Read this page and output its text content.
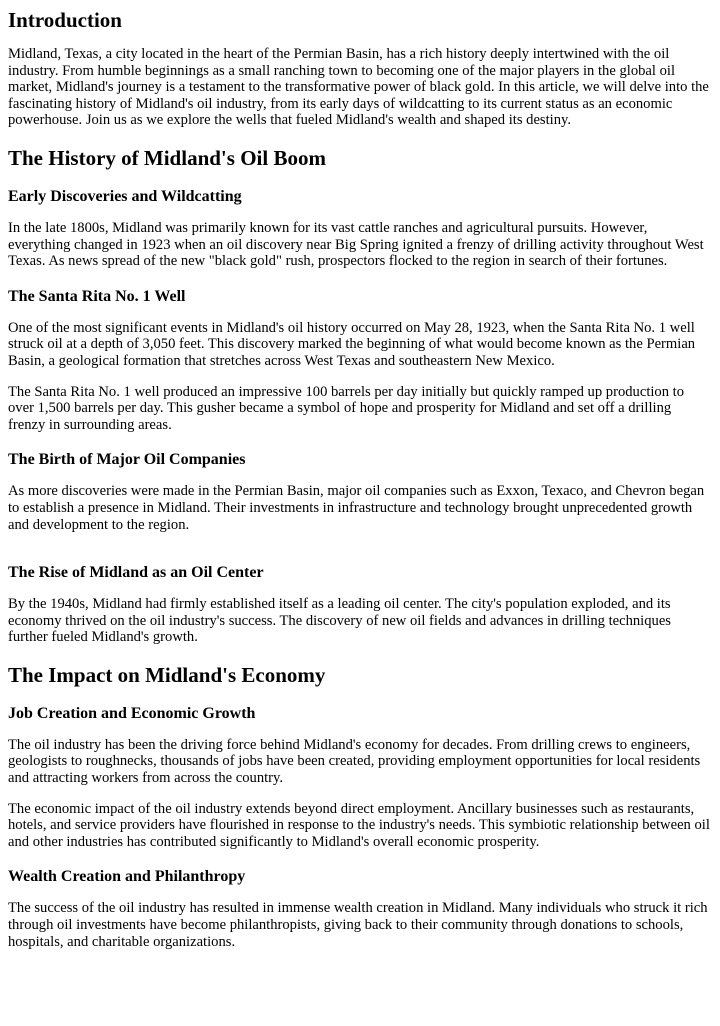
Introduction

Midland, Texas, a city located in the heart of the Permian Basin, has a rich history deeply intertwined with the oil industry. From humble beginnings as a small ranching town to becoming one of the major players in the global oil market, Midland's journey is a testament to the transformative power of black gold. In this article, we will delve into the fascinating history of Midland's oil industry, from its early days of wildcatting to its current status as an economic powerhouse. Join us as we explore the wells that fueled Midland's wealth and shaped its destiny.

The History of Midland's Oil Boom
Early Discoveries and Wildcatting

In the late 1800s, Midland was primarily known for its vast cattle ranches and agricultural pursuits. However, everything changed in 1923 when an oil discovery near Big Spring ignited a frenzy of drilling activity throughout West Texas. As news spread of the new "black gold" rush, prospectors flocked to the region in search of their fortunes.

The Santa Rita No. 1 Well

One of the most significant events in Midland's oil history occurred on May 28, 1923, when the Santa Rita No. 1 well struck oil at a depth of 3,050 feet. This discovery marked the beginning of what would become known as the Permian Basin, a geological formation that stretches across West Texas and southeastern New Mexico.

The Santa Rita No. 1 well produced an impressive 100 barrels per day initially but quickly ramped up production to over 1,500 barrels per day. This gusher became a symbol of hope and prosperity for Midland and set off a drilling frenzy in surrounding areas.

The Birth of Major Oil Companies

As more discoveries were made in the Permian Basin, major oil companies such as Exxon, Texaco, and Chevron began to establish a presence in Midland. Their investments in infrastructure and technology brought unprecedented growth and development to the region.

The Rise of Midland as an Oil Center

By the 1940s, Midland had firmly established itself as a leading oil center. The city's population exploded, and its economy thrived on the oil industry's success. The discovery of new oil fields and advances in drilling techniques further fueled Midland's growth.

The Impact on Midland's Economy
Job Creation and Economic Growth

The oil industry has been the driving force behind Midland's economy for decades. From drilling crews to engineers, geologists to roughnecks, thousands of jobs have been created, providing employment opportunities for local residents and attracting workers from across the country.

The economic impact of the oil industry extends beyond direct employment. Ancillary businesses such as restaurants, hotels, and service providers have flourished in response to the industry's needs. This symbiotic relationship between oil and other industries has contributed significantly to Midland's overall economic prosperity.

Wealth Creation and Philanthropy

The success of the oil industry has resulted in immense wealth creation in Midland. Many individuals who struck it rich through oil investments have become philanthropists, giving back to their community through donations to schools, hospitals, and charitable organizations.
